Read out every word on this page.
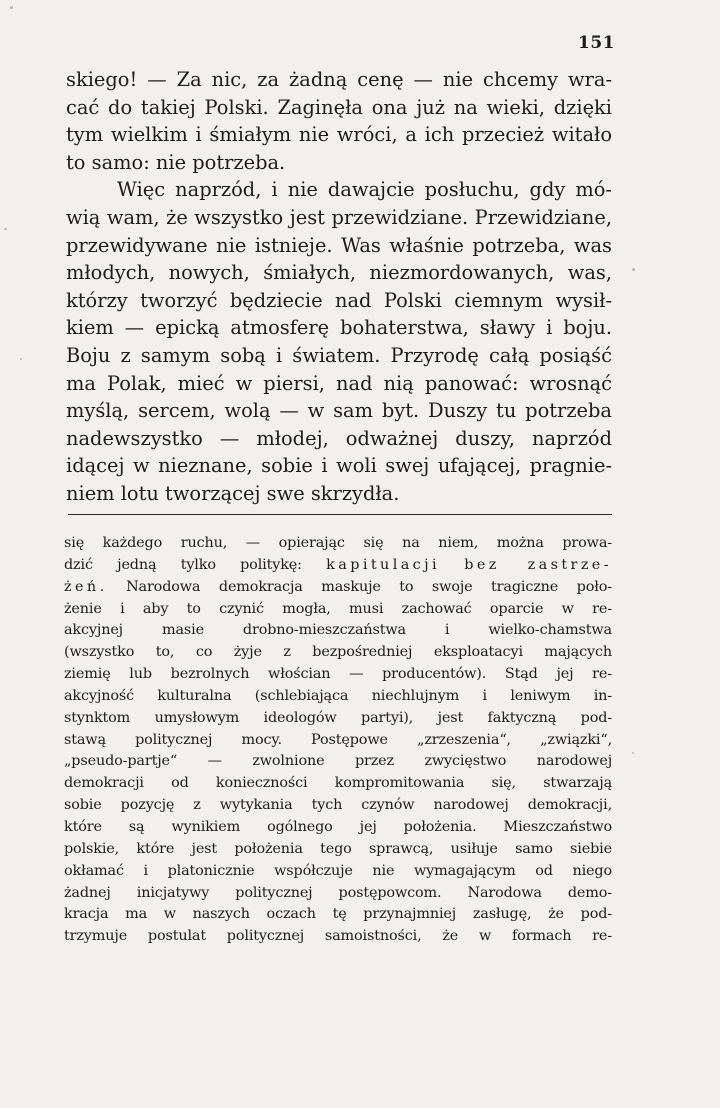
151
skiego! — Za nic, za żadną cenę — nie chcemy wra-
cać do takiej Polski. Zaginęła ona już na wieki, dzięki
tym wielkim i śmiałym nie wróci, a ich przecież witało
to samo: nie potrzeba.
Więc naprzód, i nie dawajcie posłuchu, gdy mó-
wią wam, że wszystko jest przewidziane. Przewidziane,
przewidywane nie istnieje. Was właśnie potrzeba, was
młodych, nowych, śmiałych, niezmordowanych, was,
którzy tworzyć będziecie nad Polski ciemnym wysił-
kiem — epicką atmosferę bohaterstwa, sławy i boju.
Boju z samym sobą i światem. Przyrodę całą posiąść
ma Polak, mieć w piersi, nad nią panować: wrosnąć
myślą, sercem, wolą — w sam byt. Duszy tu potrzeba
nadewszystko — młodej, odważnej duszy, naprzód
idącej w nieznane, sobie i woli swej ufającej, pragnie-
niem lotu tworzącej swe skrzydła.
się każdego ruchu, — opierając się na niem, można prowa-
dzić jedną tylko politykę: kapitulacji bez zastrze-
żeń. Narodowa demokracja maskuje to swoje tragiczne poło-
żenie i aby to czynić mogła, musi zachować oparcie w re-
akcyjnej masie drobno-mieszczaństwa i wielko-chamstwa
(wszystko to, co żyje z bezpośredniej eksploatacyi mających
ziemię lub bezrolnych włościan — producentów). Stąd jej re-
akcyjność kulturalna (schlebiająca niechlujnym i leniwym in-
stynktom umysłowym ideologów partyi), jest faktyczną pod-
stawą politycznej mocy. Postępowe „zrzeszenia“, „związki“,
„pseudo-partje“ — zwolnione przez zwycięstwo narodowej
demokracji od konieczności kompromitowania się, stwarzają
sobie pozycję z wytykania tych czynów narodowej demokracji,
które są wynikiem ogólnego jej położenia. Mieszczaństwo
polskie, które jest położenia tego sprawcą, usiłuje samo siebie
okłamać i platonicznie współczuje nie wymagającym od niego
żadnej inicjatywy politycznej postępowcom. Narodowa demo-
kracja ma w naszych oczach tę przynajmniej zasługę, że pod-
trzymuje postulat politycznej samoistności, że w formach re-
